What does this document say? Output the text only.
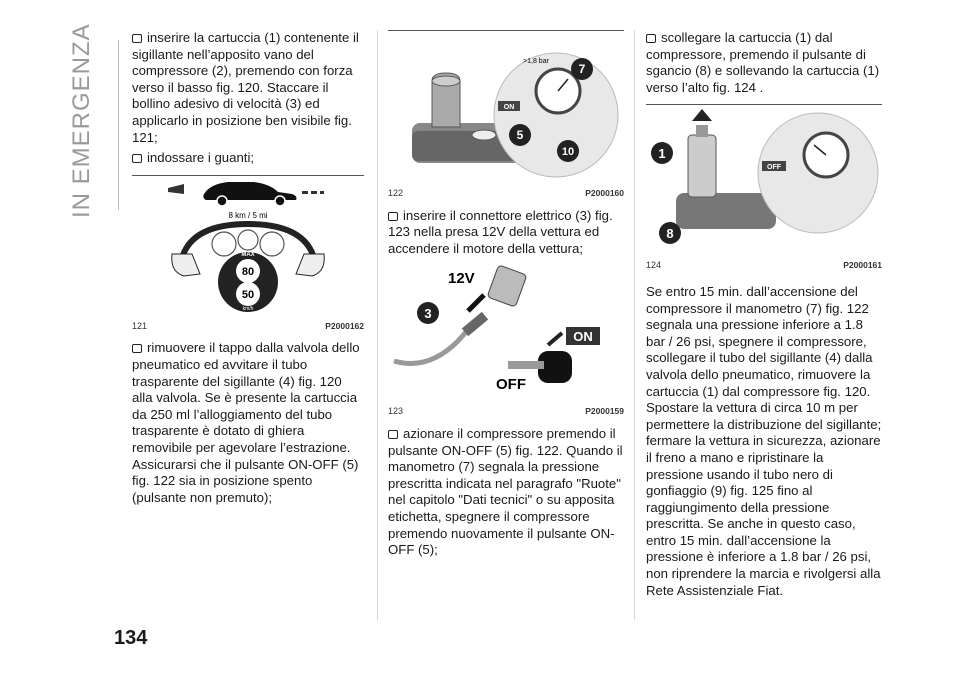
IN EMERGENZA
134

inserire la cartuccia (1) contenente il sigillante nell’apposito vano del compressore (2), premendo con forza verso il basso fig. 120. Staccare il bollino adesivo di velocità (3) ed applicarlo in posizione ben visibile fig. 121;

indossare i guanti;

8 km / 5 mi
MAX
80
50
km/h
121	P2000162

rimuovere il tappo dalla valvola dello pneumatico ed avvitare il tubo trasparente del sigillante (4) fig. 120 alla valvola. Se è presente la cartuccia da 250 ml l’alloggiamento del tubo trasparente è dotato di ghiera removibile per agevolare l’estrazione. Assicurarsi che il pulsante ON-OFF (5) fig. 122 sia in posizione spento (pulsante non premuto);

>1,8 bar
ON
7
5
10
122	P2000160

inserire il connettore elettrico (3) fig. 123 nella presa 12V della vettura ed accendere il motore della vettura;

12V
3
ON
OFF
123	P2000159

azionare il compressore premendo il pulsante ON-OFF (5) fig. 122. Quando il manometro (7) segnala la pressione prescritta indicata nel paragrafo "Ruote" nel capitolo "Dati tecnici" o su apposita etichetta, spegnere il compressore premendo nuovamente il pulsante ON-OFF (5);

scollegare la cartuccia (1) dal compressore, premendo il pulsante di sgancio (8) e sollevando la cartuccia (1) verso l’alto fig. 124 .

1
8
OFF
124	P2000161

Se entro 15 min. dall’accensione del compressore il manometro (7) fig. 122 segnala una pressione inferiore a 1.8 bar / 26 psi, spegnere il compressore, scollegare il tubo del sigillante (4) dalla valvola dello pneumatico, rimuovere la cartuccia (1) dal compressore fig. 120. Spostare la vettura di circa 10 m per permettere la distribuzione del sigillante; fermare la vettura in sicurezza, azionare il freno a mano e ripristinare la pressione usando il tubo nero di gonfiaggio (9) fig. 125 fino al raggiungimento della pressione prescritta. Se anche in questo caso, entro 15 min. dall’accensione la pressione è inferiore a 1.8 bar / 26 psi, non riprendere la marcia e rivolgersi alla Rete Assistenziale Fiat.
